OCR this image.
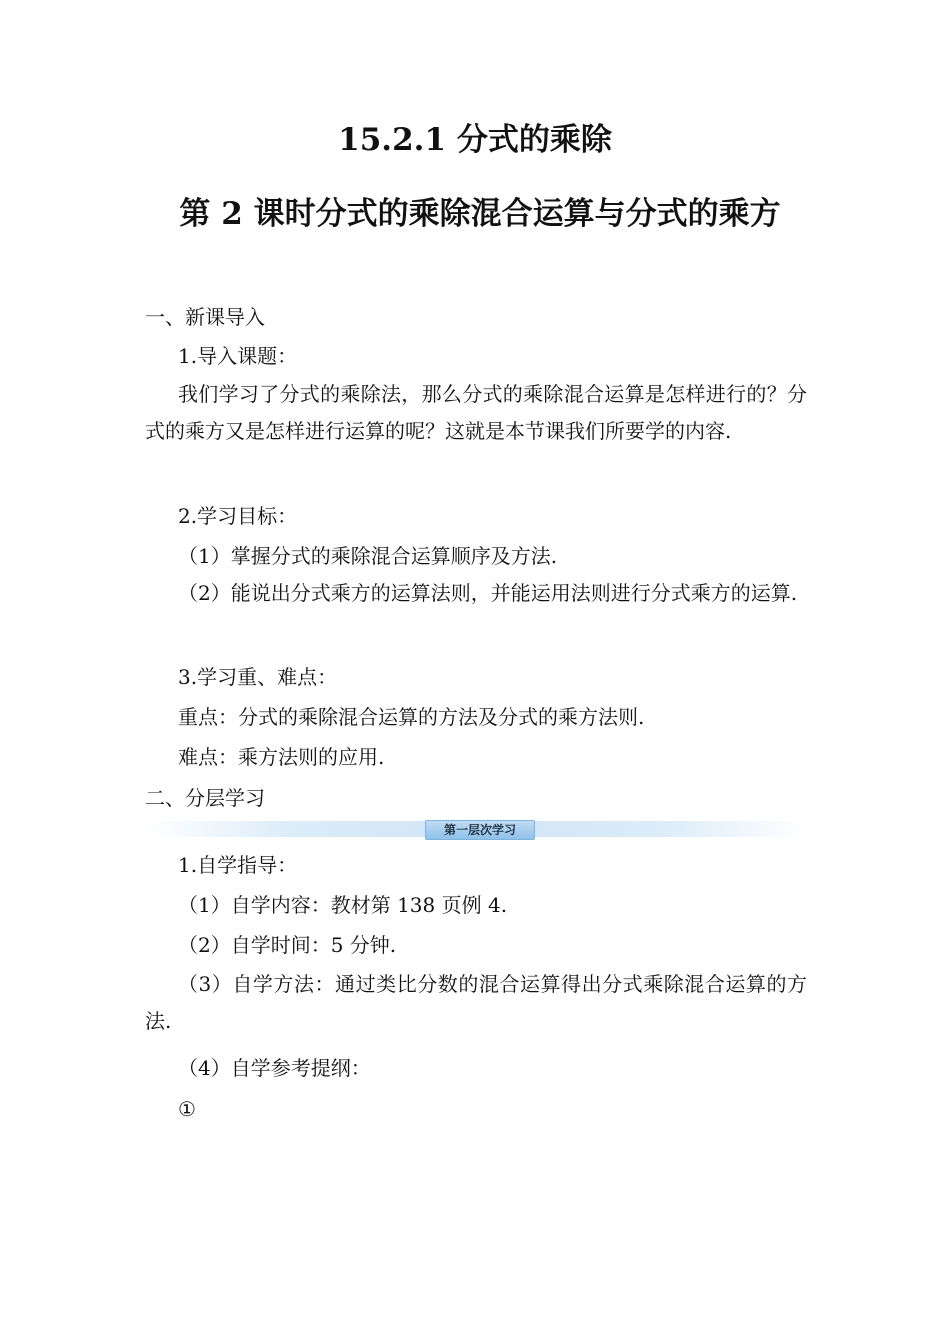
15.2.1 分式的乘除
第 2 课时分式的乘除混合运算与分式的乘方
一、新课导入
1.导入课题：
我们学习了分式的乘除法，那么分式的乘除混合运算是怎样进行的？分式的乘方又是怎样进行运算的呢？这就是本节课我们所要学的内容.
2.学习目标：
（1）掌握分式的乘除混合运算顺序及方法.
（2）能说出分式乘方的运算法则，并能运用法则进行分式乘方的运算.
3.学习重、难点：
重点：分式的乘除混合运算的方法及分式的乘方法则.
难点：乘方法则的应用.
二、分层学习
第一层次学习
1.自学指导：
（1）自学内容：教材第 138 页例 4.
（2）自学时间：5 分钟.
（3）自学方法：通过类比分数的混合运算得出分式乘除混合运算的方法.
（4）自学参考提纲：
①
